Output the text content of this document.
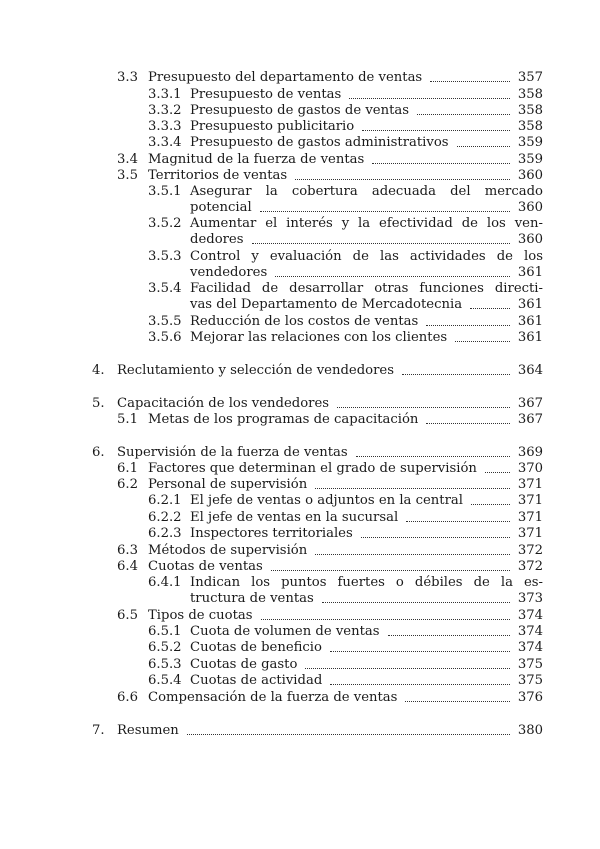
3.3 Presupuesto del departamento de ventas	357
3.3.1 Presupuesto de ventas	358
3.3.2 Presupuesto de gastos de ventas	358
3.3.3 Presupuesto publicitario	358
3.3.4 Presupuesto de gastos administrativos	359
3.4 Magnitud de la fuerza de ventas	359
3.5 Territorios de ventas	360
3.5.1 Asegurar la cobertura adecuada del mercado
potencial	360
3.5.2 Aumentar el interés y la efectividad de los ven-
dedores	360
3.5.3 Control y evaluación de las actividades de los
vendedores	361
3.5.4 Facilidad de desarrollar otras funciones directi-
vas del Departamento de Mercadotecnia	361
3.5.5 Reducción de los costos de ventas	361
3.5.6 Mejorar las relaciones con los clientes	361
4. Reclutamiento y selección de vendedores	364
5. Capacitación de los vendedores	367
5.1 Metas de los programas de capacitación	367
6. Supervisión de la fuerza de ventas	369
6.1 Factores que determinan el grado de supervisión	370
6.2 Personal de supervisión	371
6.2.1 El jefe de ventas o adjuntos en la central	371
6.2.2 El jefe de ventas en la sucursal	371
6.2.3 Inspectores territoriales	371
6.3 Métodos de supervisión	372
6.4 Cuotas de ventas	372
6.4.1 Indican los puntos fuertes o débiles de la es-
tructura de ventas	373
6.5 Tipos de cuotas	374
6.5.1 Cuota de volumen de ventas	374
6.5.2 Cuotas de beneficio	374
6.5.3 Cuotas de gasto	375
6.5.4 Cuotas de actividad	375
6.6 Compensación de la fuerza de ventas	376
7. Resumen	380
